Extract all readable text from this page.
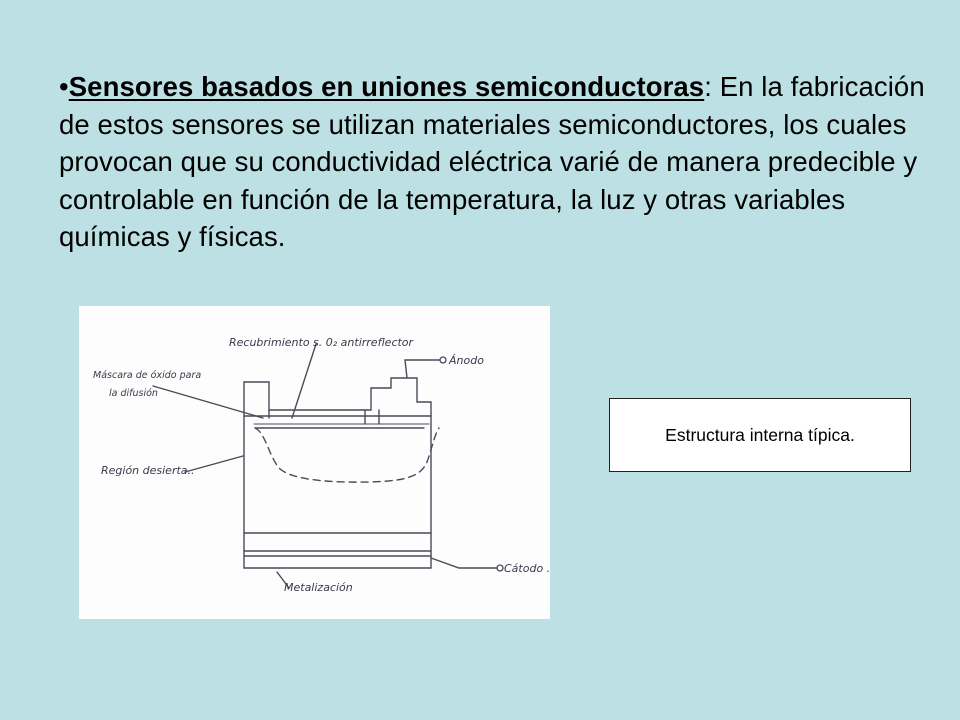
•Sensores basados en uniones semiconductoras: En la fabricación de estos sensores se utilizan materiales semiconductores, los cuales provocan que su conductividad eléctrica varié de manera predecible y controlable en función de la temperatura, la luz y otras variables químicas y físicas.
Recubrimiento s. 0₂ antirreflector
Ánodo
Máscara de óxido para
la difusión
Región desierta..
Cátodo .
Metalización
Estructura interna típica.
